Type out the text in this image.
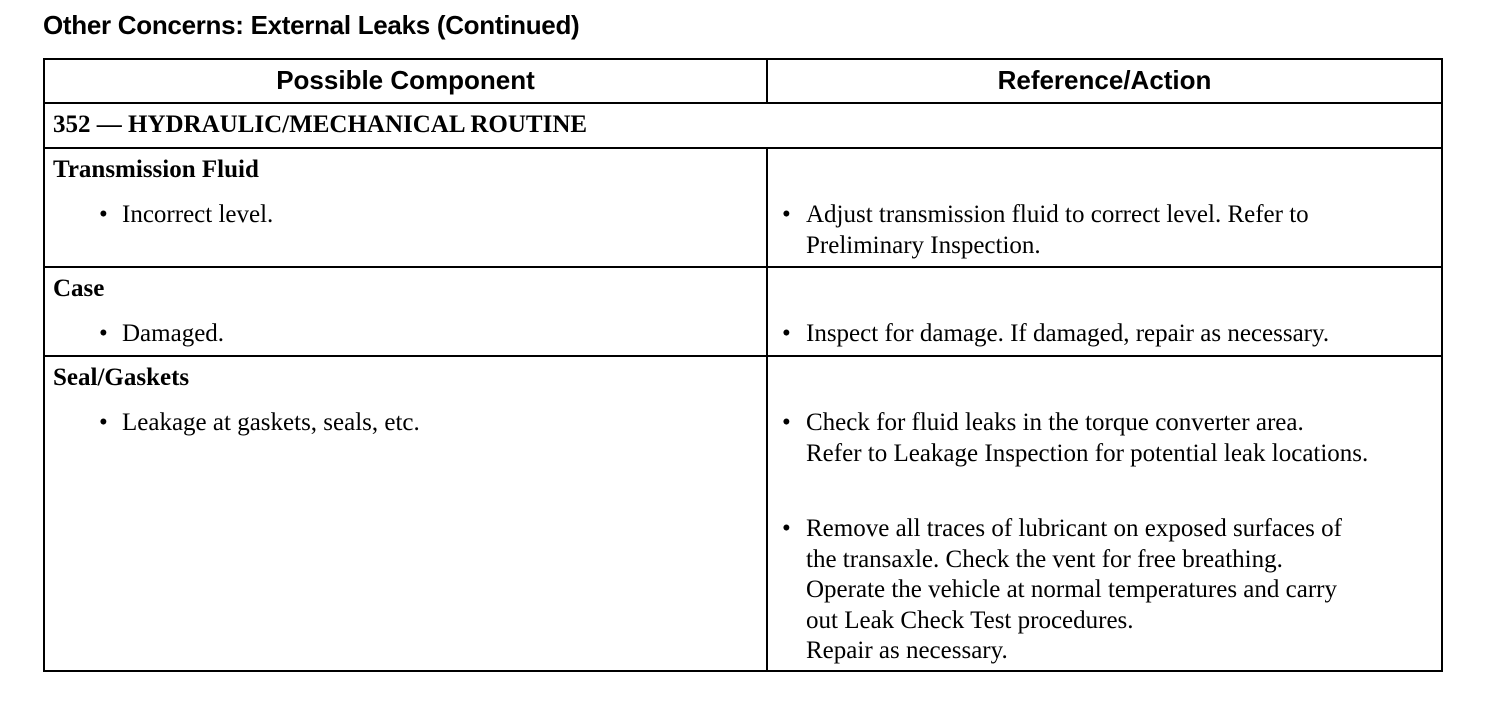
Other Concerns: External Leaks (Continued)
Possible Component	Reference/Action
352 — HYDRAULIC/MECHANICAL ROUTINE
Transmission Fluid
• Incorrect level.	• Adjust transmission fluid to correct level. Refer to
Preliminary Inspection.
Case
• Damaged.	• Inspect for damage. If damaged, repair as necessary.
Seal/Gaskets
• Leakage at gaskets, seals, etc.	• Check for fluid leaks in the torque converter area.
Refer to Leakage Inspection for potential leak locations.
• Remove all traces of lubricant on exposed surfaces of
the transaxle. Check the vent for free breathing.
Operate the vehicle at normal temperatures and carry
out Leak Check Test procedures.
Repair as necessary.
